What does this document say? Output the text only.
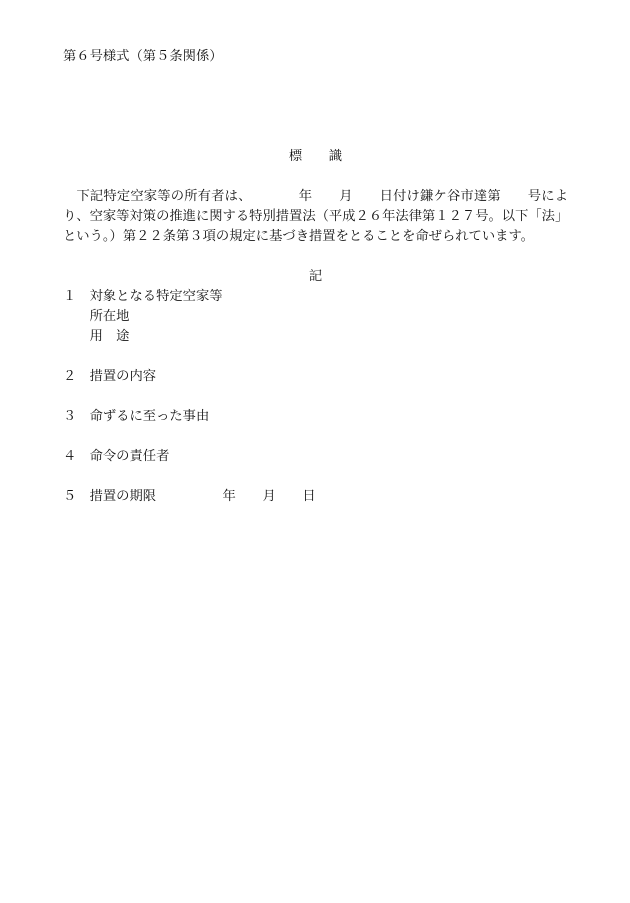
第６号様式（第５条関係）
標　　識
　下記特定空家等の所有者は、　　　　年　　月　　日付け鎌ケ谷市達第　　号によ
り、空家等対策の推進に関する特別措置法（平成２６年法律第１２７号。以下「法」
という。）第２２条第３項の規定に基づき措置をとることを命ぜられています。
記
１ 対象となる特定空家等
所在地
用　途
２ 措置の内容
３ 命ずるに至った事由
４ 命令の責任者
５ 措置の期限　　　　　年　　月　　日
